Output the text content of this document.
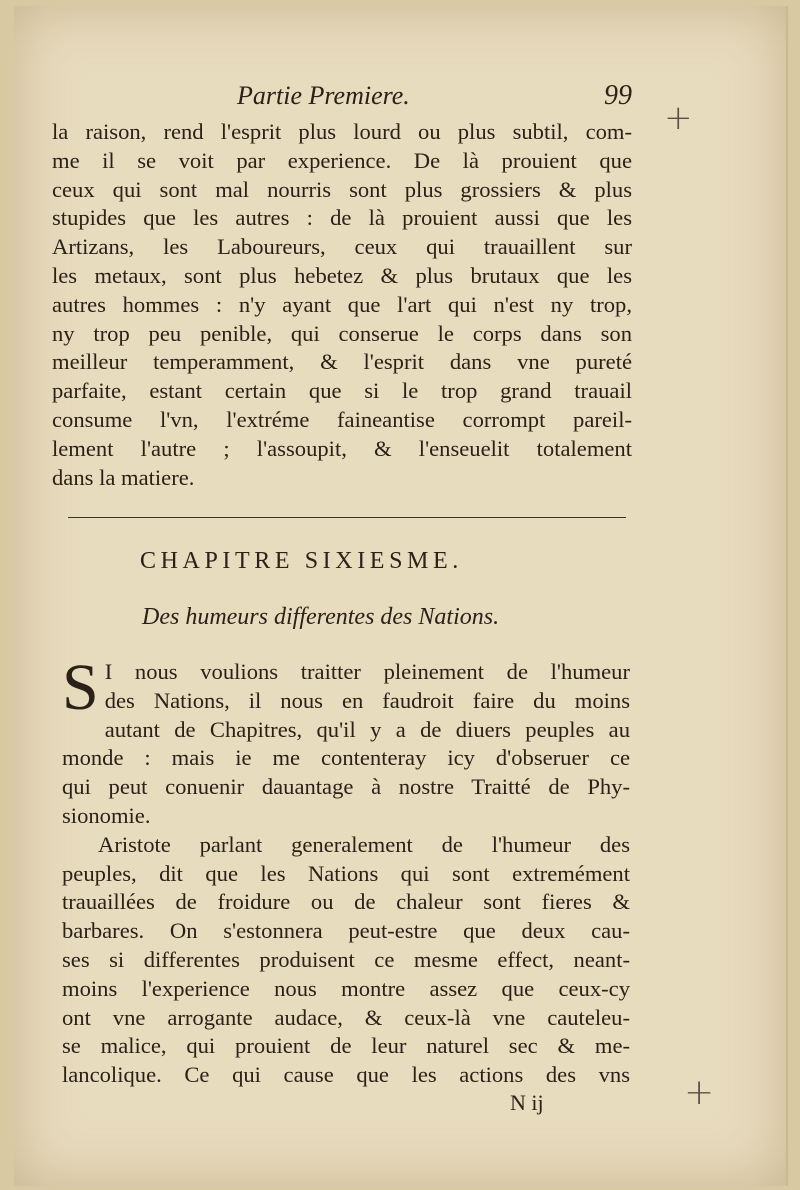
+
+
Partie Premiere.	99

la raison, rend l'esprit plus lourd ou plus subtil, com-
me il se voit par experience. De là prouient que
ceux qui sont mal nourris sont plus grossiers & plus
stupides que les autres : de là prouient aussi que les
Artizans, les Laboureurs, ceux qui trauaillent sur
les metaux, sont plus hebetez & plus brutaux que les
autres hommes : n'y ayant que l'art qui n'est ny trop,
ny trop peu penible, qui conserue le corps dans son
meilleur temperamment, & l'esprit dans vne pureté
parfaite, estant certain que si le trop grand trauail
consume l'vn, l'extréme faineantise corrompt pareil-
lement l'autre ; l'assoupit, & l'enseuelit totalement
dans la matiere.

CHAPITRE SIXIESME.
Des humeurs differentes des Nations.

S I nous voulions traitter pleinement de l'humeur
des Nations, il nous en faudroit faire du moins
autant de Chapitres, qu'il y a de diuers peuples au
monde : mais ie me contenteray icy d'obseruer ce
qui peut conuenir dauantage à nostre Traitté de Phy-
sionomie.

Aristote parlant generalement de l'humeur des
peuples, dit que les Nations qui sont extremément
trauaillées de froidure ou de chaleur sont fieres &
barbares. On s'estonnera peut-estre que deux cau-
ses si differentes produisent ce mesme effect, neant-
moins l'experience nous montre assez que ceux-cy
ont vne arrogante audace, & ceux-là vne cauteleu-
se malice, qui prouient de leur naturel sec & me-
lancolique. Ce qui cause que les actions des vns

N ij
